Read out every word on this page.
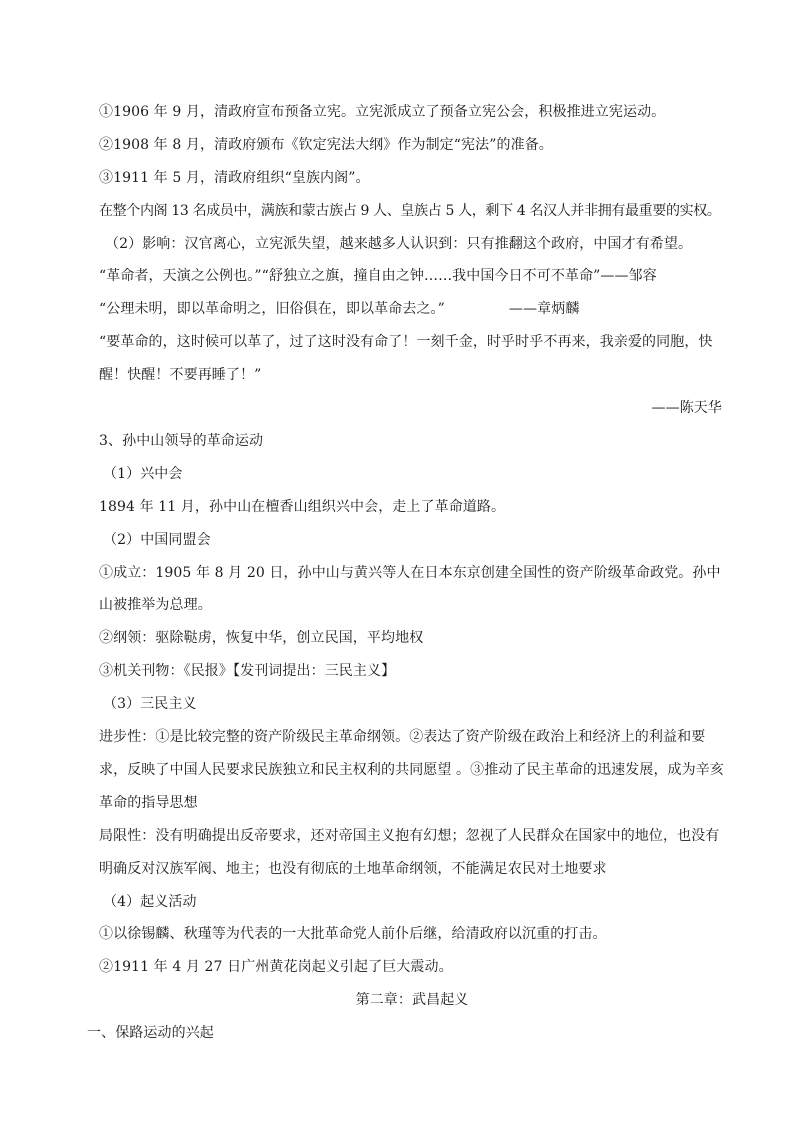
①1906 年 9 月，清政府宣布预备立宪。立宪派成立了预备立宪公会，积极推进立宪运动。
②1908 年 8 月，清政府颁布《钦定宪法大纲》作为制定“宪法”的准备。
③1911 年 5 月，清政府组织“皇族内阁”。
在整个内阁 13 名成员中，满族和蒙古族占 9 人、皇族占 5 人，剩下 4 名汉人并非拥有最重要的实权。
（2）影响：汉官离心，立宪派失望，越来越多人认识到：只有推翻这个政府，中国才有希望。
“革命者，天演之公例也。”“舒独立之旗，撞自由之钟……我中国今日不可不革命”——邹容
“公理未明，即以革命明之，旧俗俱在，即以革命去之。”	——章炳麟
“要革命的，这时候可以革了，过了这时没有命了！一刻千金，时乎时乎不再来，我亲爱的同胞，快醒！快醒！不要再睡了！”
——陈天华
3、孙中山领导的革命运动
（1）兴中会
1894 年 11 月，孙中山在檀香山组织兴中会，走上了革命道路。
（2）中国同盟会
①成立：1905 年 8 月 20 日，孙中山与黄兴等人在日本东京创建全国性的资产阶级革命政党。孙中山被推举为总理。
②纲领：驱除鞑虏，恢复中华，创立民国，平均地权
③机关刊物：《民报》【发刊词提出：三民主义】
（3）三民主义
进步性：①是比较完整的资产阶级民主革命纲领。②表达了资产阶级在政治上和经济上的利益和要求，反映了中国人民要求民族独立和民主权利的共同愿望 。③推动了民主革命的迅速发展，成为辛亥革命的指导思想
局限性：没有明确提出反帝要求，还对帝国主义抱有幻想；忽视了人民群众在国家中的地位，也没有明确反对汉族军阀、地主；也没有彻底的土地革命纲领，不能满足农民对土地要求
（4）起义活动
①以徐锡麟、秋瑾等为代表的一大批革命党人前仆后继，给清政府以沉重的打击。
②1911 年 4 月 27 日广州黄花岗起义引起了巨大震动。
第二章：武昌起义
一、保路运动的兴起
